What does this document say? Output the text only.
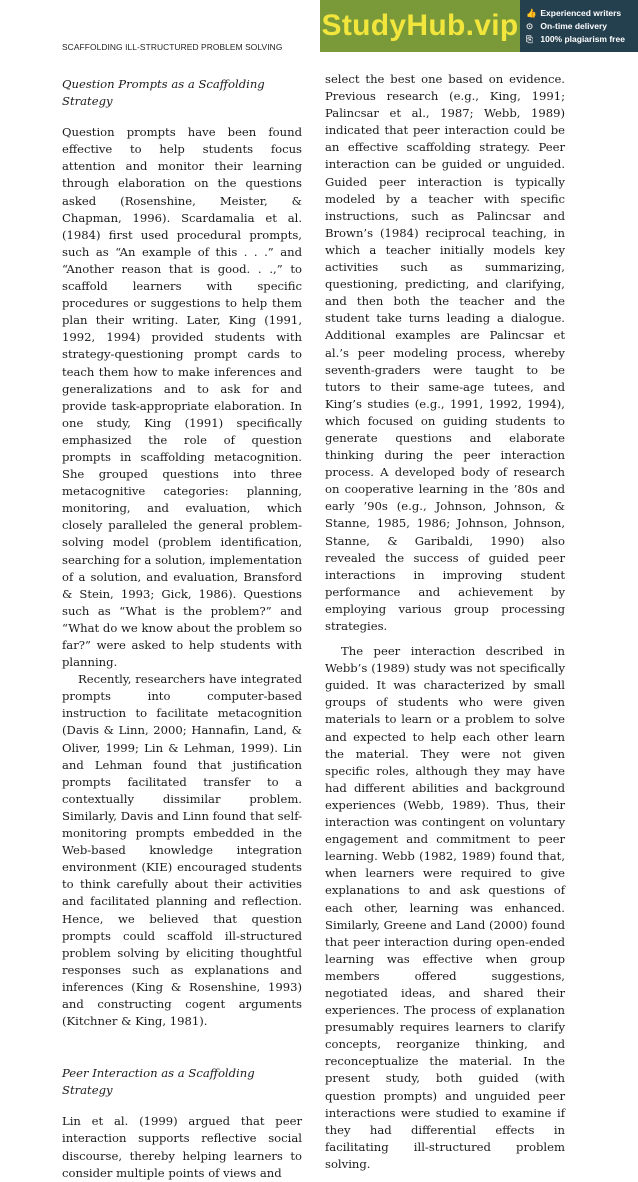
SCAFFOLDING ILL-STRUCTURED PROBLEM SOLVING
StudyHub.vip 👍 Experienced writers
⊙ On-time delivery
⎘ 100% plagiarism free
Question Prompts as a Scaffolding Strategy

Question prompts have been found effective to help students focus attention and monitor their learning through elaboration on the questions asked (Rosenshine, Meister, & Chapman, 1996). Scardamalia et al. (1984) first used procedural prompts, such as “An example of this . . .” and “Another reason that is good. . .,” to scaffold learners with specific procedures or suggestions to help them plan their writing. Later, King (1991, 1992, 1994) provided students with strategy-questioning prompt cards to teach them how to make inferences and generalizations and to ask for and provide task-appropriate elaboration. In one study, King (1991) specifically emphasized the role of question prompts in scaffolding metacognition. She grouped questions into three metacognitive categories: planning, monitoring, and evaluation, which closely paralleled the general problem-solving model (problem identification, searching for a solution, implementation of a solution, and evaluation, Bransford & Stein, 1993; Gick, 1986). Questions such as “What is the problem?” and “What do we know about the problem so far?” were asked to help students with planning.

Recently, researchers have integrated prompts into computer-based instruction to facilitate metacognition (Davis & Linn, 2000; Hannafin, Land, & Oliver, 1999; Lin & Lehman, 1999). Lin and Lehman found that justification prompts facilitated transfer to a contextually dissimilar problem. Similarly, Davis and Linn found that self-monitoring prompts embedded in the Web-based knowledge integration environment (KIE) encouraged students to think carefully about their activities and facilitated planning and reflection. Hence, we believed that question prompts could scaffold ill-structured problem solving by eliciting thoughtful responses such as explanations and inferences (King & Rosenshine, 1993) and constructing cogent arguments (Kitchner & King, 1981).

Peer Interaction as a Scaffolding Strategy

Lin et al. (1999) argued that peer interaction supports reflective social discourse, thereby helping learners to consider multiple points of views and

select the best one based on evidence. Previous research (e.g., King, 1991; Palincsar et al., 1987; Webb, 1989) indicated that peer interaction could be an effective scaffolding strategy. Peer interaction can be guided or unguided. Guided peer interaction is typically modeled by a teacher with specific instructions, such as Palincsar and Brown’s (1984) reciprocal teaching, in which a teacher initially models key activities such as summarizing, questioning, predicting, and clarifying, and then both the teacher and the student take turns leading a dialogue. Additional examples are Palincsar et al.’s peer modeling process, whereby seventh-graders were taught to be tutors to their same-age tutees, and King’s studies (e.g., 1991, 1992, 1994), which focused on guiding students to generate questions and elaborate thinking during the peer interaction process. A developed body of research on cooperative learning in the ’80s and early ’90s (e.g., Johnson, Johnson, & Stanne, 1985, 1986; Johnson, Johnson, Stanne, & Garibaldi, 1990) also revealed the success of guided peer interactions in improving student performance and achievement by employing various group processing strategies.

The peer interaction described in Webb’s (1989) study was not specifically guided. It was characterized by small groups of students who were given materials to learn or a problem to solve and expected to help each other learn the material. They were not given specific roles, although they may have had different abilities and background experiences (Webb, 1989). Thus, their interaction was contingent on voluntary engagement and commitment to peer learning. Webb (1982, 1989) found that, when learners were required to give explanations to and ask questions of each other, learning was enhanced. Similarly, Greene and Land (2000) found that peer interaction during open-ended learning was effective when group members offered suggestions, negotiated ideas, and shared their experiences. The process of explanation presumably requires learners to clarify concepts, reorganize thinking, and reconceptualize the material. In the present study, both guided (with question prompts) and unguided peer interactions were studied to examine if they had differential effects in facilitating ill-structured problem solving.
